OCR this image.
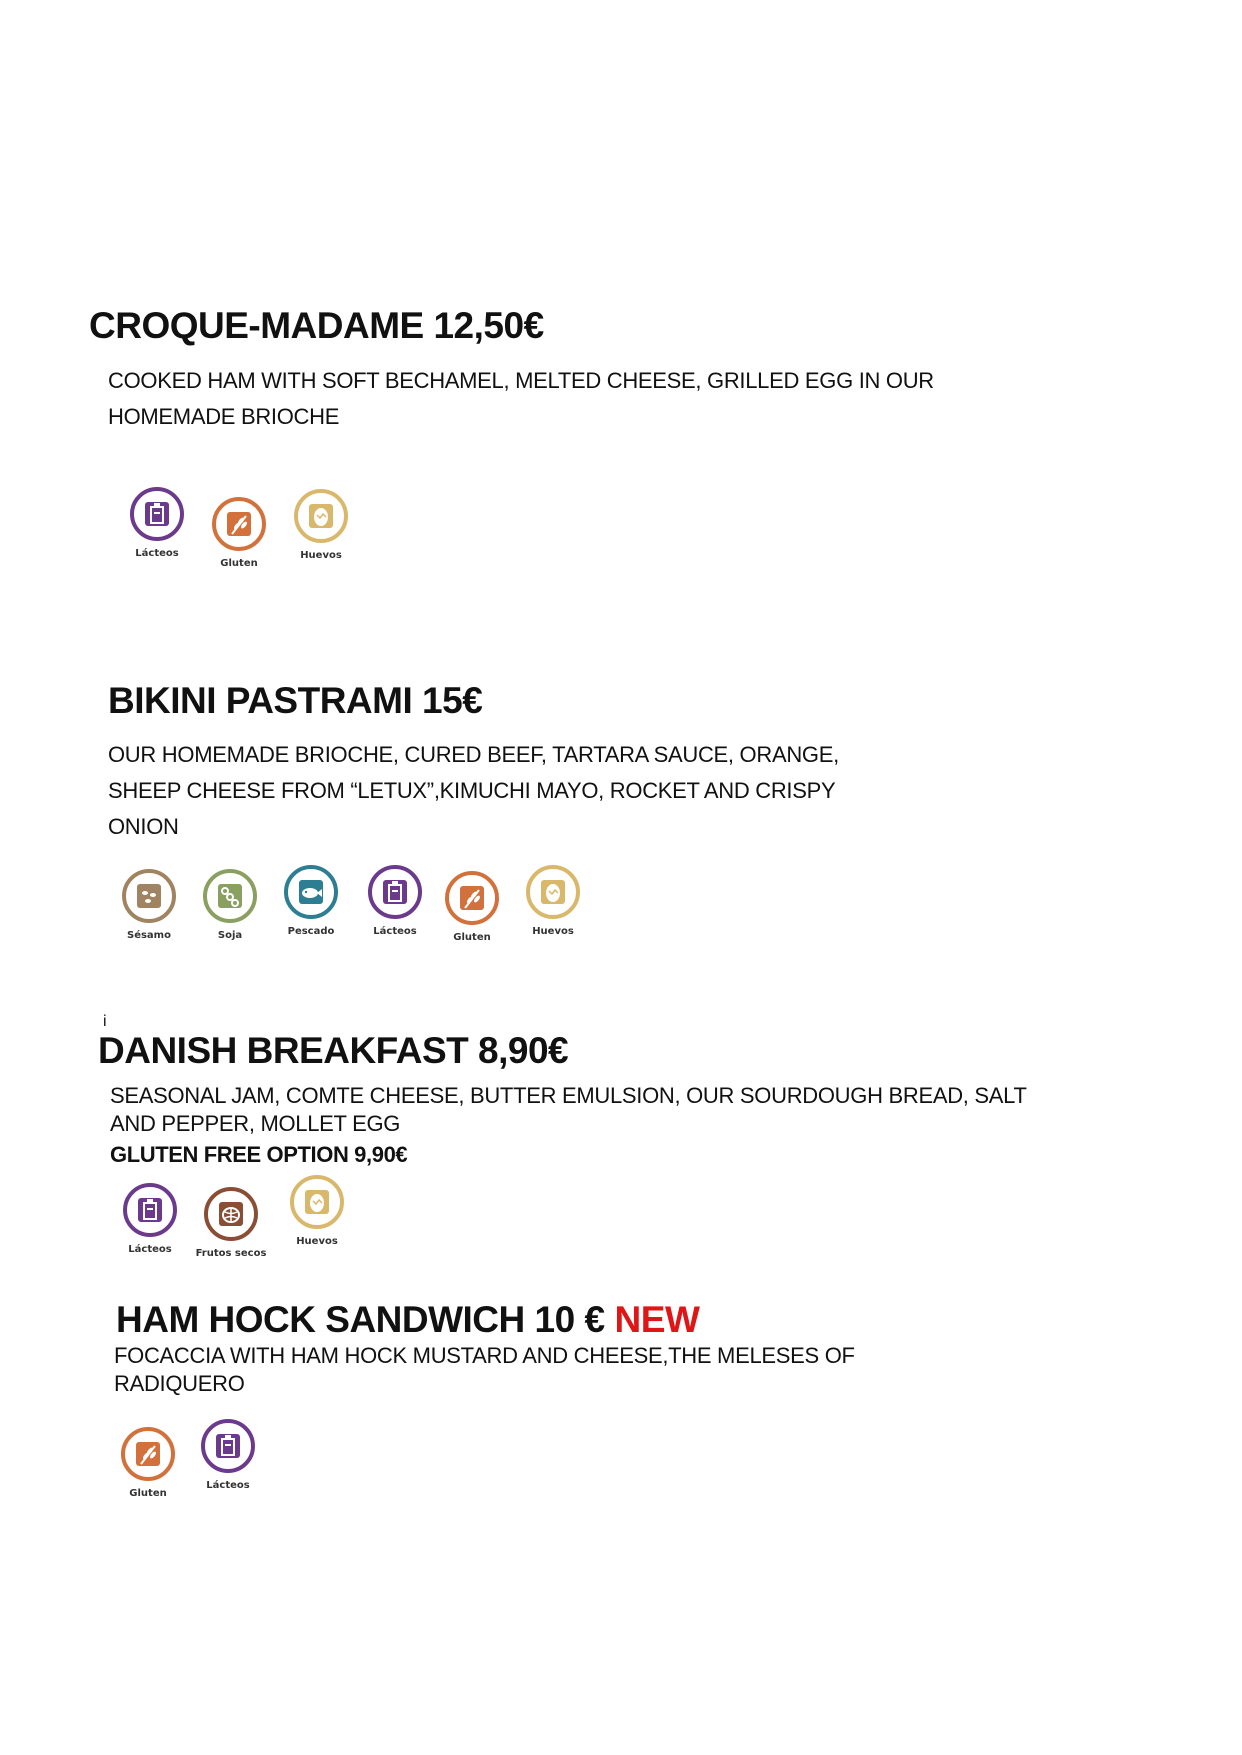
CROQUE-MADAME 12,50€
COOKED HAM WITH SOFT BECHAMEL, MELTED CHEESE, GRILLED EGG IN OUR
HOMEMADE BRIOCHE
Lácteos
Gluten
Huevos
BIKINI PASTRAMI 15€
OUR HOMEMADE BRIOCHE, CURED BEEF, TARTARA SAUCE, ORANGE,
SHEEP CHEESE FROM “LETUX”,KIMUCHI MAYO, ROCKET AND CRISPY
ONION
Sésamo	Soja	Pescado	Lácteos
Gluten
Huevos
i
DANISH BREAKFAST 8,90€
SEASONAL JAM, COMTE CHEESE, BUTTER EMULSION, OUR SOURDOUGH BREAD, SALT
AND PEPPER, MOLLET EGG
GLUTEN FREE OPTION 9,90€
Lácteos	Frutos secos
Huevos
HAM HOCK SANDWICH 10 € NEW
FOCACCIA WITH HAM HOCK MUSTARD AND CHEESE,THE MELESES OF
RADIQUERO
Gluten
Lácteos
